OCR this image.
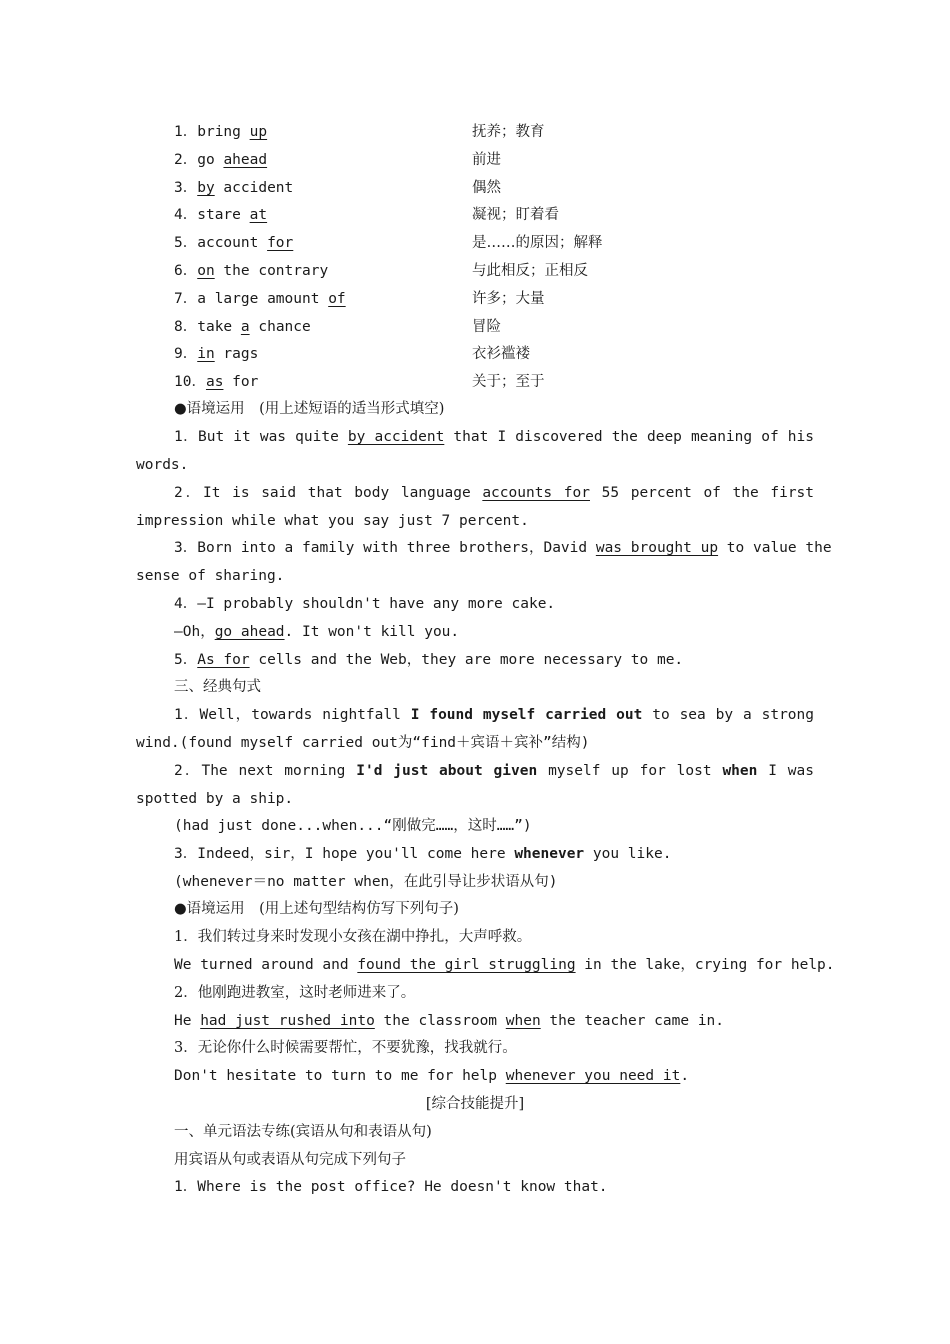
1．bring up	抚养；教育
2．go ahead	前进
3．by accident	偶然
4．stare at	凝视；盯着看
5．account for	是……的原因；解释
6．on the contrary	与此相反；正相反
7．a large amount of	许多；大量
8．take a chance	冒险
9．in rags	衣衫褴褛
10．as for	关于；至于
●语境运用　(用上述短语的适当形式填空)
1．But it was quite by accident that I discovered the deep meaning of his
words.
2．It is said that body language accounts for 55 percent of the first
impression while what you say just 7 percent.
3．Born into a family with three brothers，David was brought up to value the
sense of sharing.
4．—I probably shouldn't have any more cake.
—Oh，go ahead. It won't kill you.
5．As for cells and the Web，they are more necessary to me.
三、经典句式
1．Well，towards nightfall I found myself carried out to sea by a strong
wind.(found myself carried out为“find＋宾语＋宾补”结构)
2．The next morning I'd just about given myself up for lost when I was
spotted by a ship.
(had just done...when...“刚做完……，这时……”)
3．Indeed，sir，I hope you'll come here whenever you like.
(whenever＝no matter when，在此引导让步状语从句)
●语境运用　(用上述句型结构仿写下列句子)
1．我们转过身来时发现小女孩在湖中挣扎，大声呼救。
We turned around and found the girl struggling in the lake，crying for help.
2．他刚跑进教室，这时老师进来了。
He had just rushed into the classroom when the teacher came in.
3．无论你什么时候需要帮忙，不要犹豫，找我就行。
Don't hesitate to turn to me for help whenever you need it.
[综合技能提升]
一、单元语法专练(宾语从句和表语从句)
用宾语从句或表语从句完成下列句子
1．Where is the post office? He doesn't know that.
